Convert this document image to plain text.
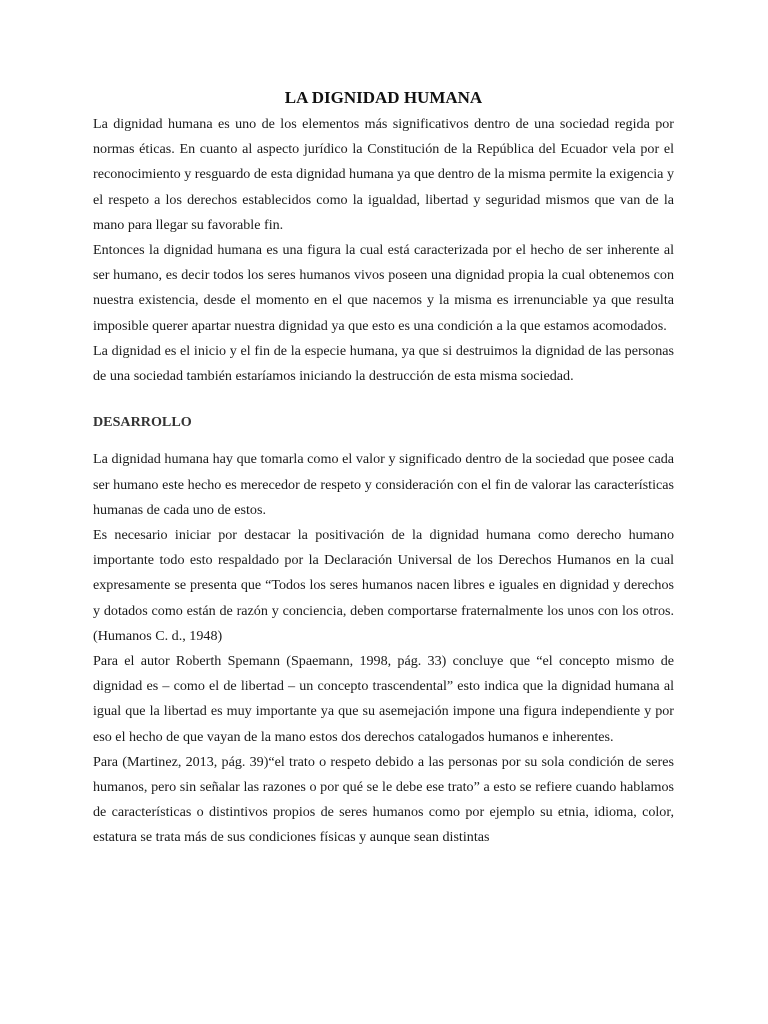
LA DIGNIDAD HUMANA

La dignidad humana es uno de los elementos más significativos dentro de una sociedad regida por normas éticas. En cuanto al aspecto jurídico la Constitución de la República del Ecuador vela por el reconocimiento y resguardo de esta dignidad humana ya que dentro de la misma permite la exigencia y el respeto a los derechos establecidos como la igualdad, libertad y seguridad mismos que van de la mano para llegar su favorable fin.

Entonces la dignidad humana es una figura la cual está caracterizada por el hecho de ser inherente al ser humano, es decir todos los seres humanos vivos poseen una dignidad propia la cual obtenemos con nuestra existencia, desde el momento en el que nacemos y la misma es irrenunciable ya que resulta imposible querer apartar nuestra dignidad ya que esto es una condición a la que estamos acomodados.

La dignidad es el inicio y el fin de la especie humana, ya que si destruimos la dignidad de las personas de una sociedad también estaríamos iniciando la destrucción de esta misma sociedad.

DESARROLLO

La dignidad humana hay que tomarla como el valor y significado dentro de la sociedad que posee cada ser humano este hecho es merecedor de respeto y consideración con el fin de valorar las características humanas de cada uno de estos.

Es necesario iniciar por destacar la positivación de la dignidad humana como derecho humano importante todo esto respaldado por la Declaración Universal de los Derechos Humanos en la cual expresamente se presenta que “Todos los seres humanos nacen libres e iguales en dignidad y derechos y dotados como están de razón y conciencia, deben comportarse fraternalmente los unos con los otros. (Humanos C. d., 1948)

Para el autor Roberth Spemann (Spaemann, 1998, pág. 33) concluye que “el concepto mismo de dignidad es – como el de libertad – un concepto trascendental” esto indica que la dignidad humana al igual que la libertad es muy importante ya que su asemejación impone una figura independiente y por eso el hecho de que vayan de la mano estos dos derechos catalogados humanos e inherentes.

Para (Martinez, 2013, pág. 39)“el trato o respeto debido a las personas por su sola condición de seres humanos, pero sin señalar las razones o por qué se le debe ese trato” a esto se refiere cuando hablamos de características o distintivos propios de seres humanos como por ejemplo su etnia, idioma, color, estatura se trata más de sus condiciones físicas y aunque sean distintas
